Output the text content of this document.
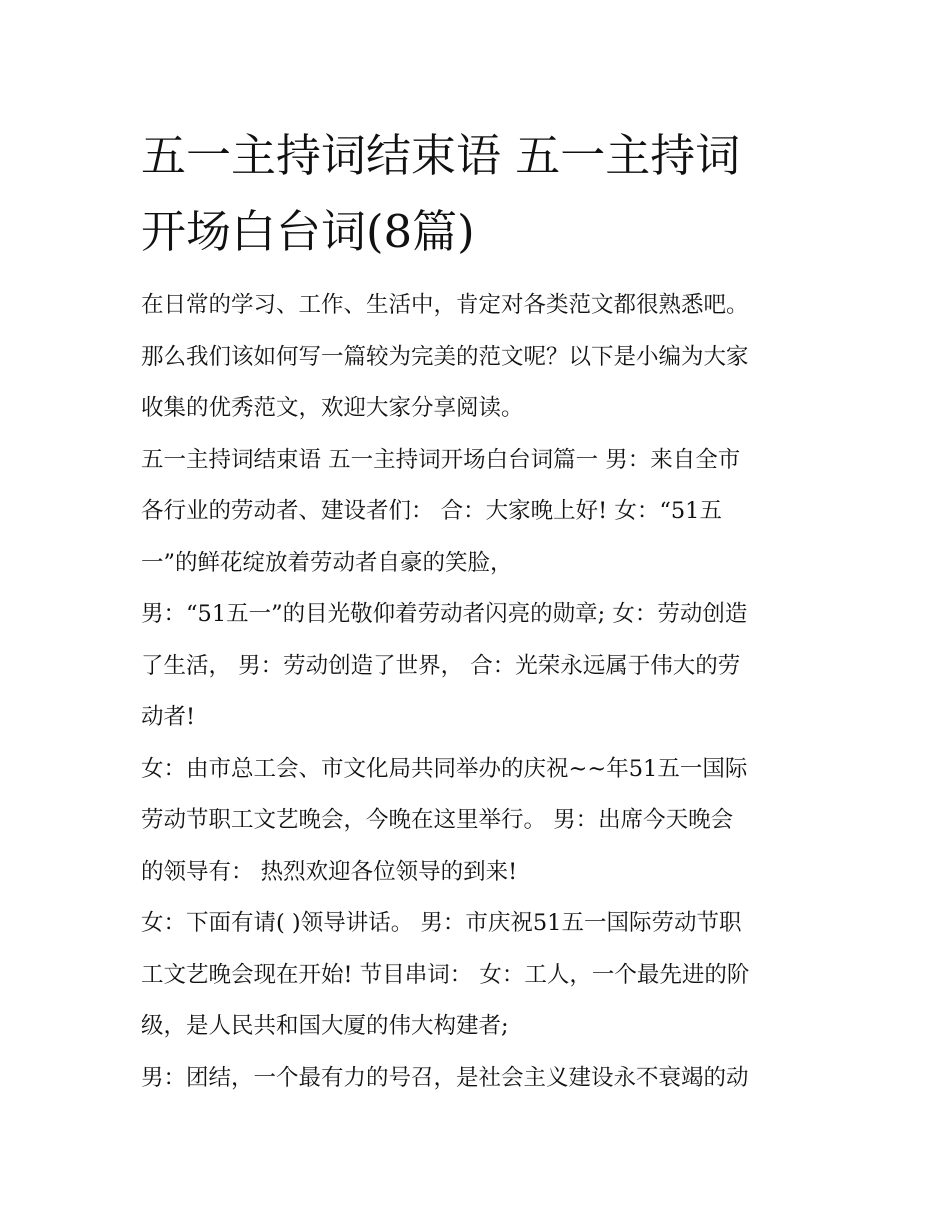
五一主持词结束语 五一主持词
开场白台词(8篇)
在日常的学习、工作、生活中，肯定对各类范文都很熟悉吧。
那么我们该如何写一篇较为完美的范文呢？以下是小编为大家
收集的优秀范文，欢迎大家分享阅读。
五一主持词结束语 五一主持词开场白台词篇一 男：来自全市
各行业的劳动者、建设者们： 合：大家晚上好! 女：“51五
一”的鲜花绽放着劳动者自豪的笑脸，
男：“51五一”的目光敬仰着劳动者闪亮的勋章; 女：劳动创造
了生活， 男：劳动创造了世界， 合：光荣永远属于伟大的劳
动者!
女：由市总工会、市文化局共同举办的庆祝~~年51五一国际
劳动节职工文艺晚会，今晚在这里举行。 男：出席今天晚会
的领导有： 热烈欢迎各位领导的到来!
女：下面有请( )领导讲话。 男：市庆祝51五一国际劳动节职
工文艺晚会现在开始! 节目串词： 女：工人，一个最先进的阶
级，是人民共和国大厦的伟大构建者;
男：团结，一个最有力的号召，是社会主义建设永不衰竭的动
